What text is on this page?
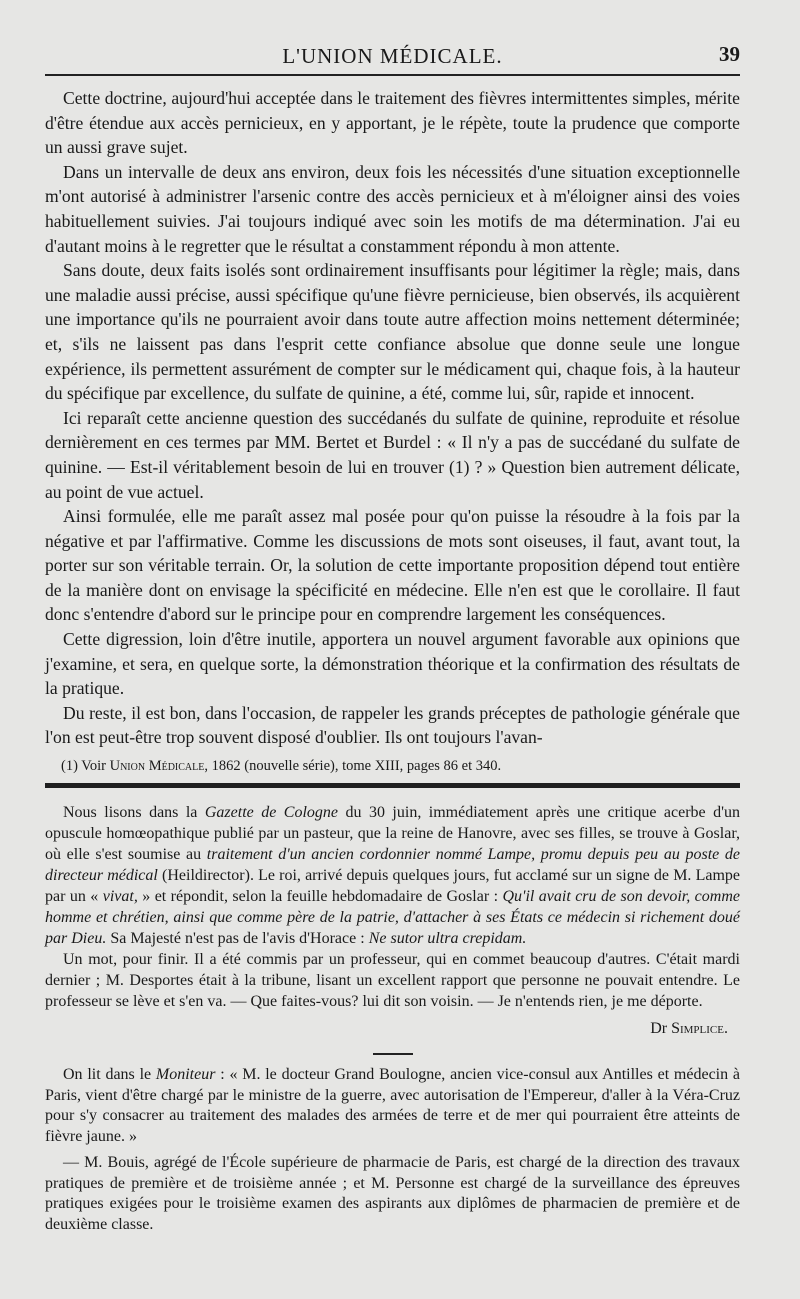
L'UNION MÉDICALE.	39

Cette doctrine, aujourd'hui acceptée dans le traitement des fièvres intermittentes simples, mérite d'être étendue aux accès pernicieux, en y apportant, je le répète, toute la prudence que comporte un aussi grave sujet.

Dans un intervalle de deux ans environ, deux fois les nécessités d'une situation exceptionnelle m'ont autorisé à administrer l'arsenic contre des accès pernicieux et à m'éloigner ainsi des voies habituellement suivies. J'ai toujours indiqué avec soin les motifs de ma détermination. J'ai eu d'autant moins à le regretter que le résultat a constamment répondu à mon attente.

Sans doute, deux faits isolés sont ordinairement insuffisants pour légitimer la règle; mais, dans une maladie aussi précise, aussi spécifique qu'une fièvre pernicieuse, bien observés, ils acquièrent une importance qu'ils ne pourraient avoir dans toute autre affection moins nettement déterminée; et, s'ils ne laissent pas dans l'esprit cette confiance absolue que donne seule une longue expérience, ils permettent assurément de compter sur le médicament qui, chaque fois, à la hauteur du spécifique par excellence, du sulfate de quinine, a été, comme lui, sûr, rapide et innocent.

Ici reparaît cette ancienne question des succédanés du sulfate de quinine, reproduite et résolue dernièrement en ces termes par MM. Bertet et Burdel : « Il n'y a pas de succédané du sulfate de quinine. — Est-il véritablement besoin de lui en trouver (1) ? » Question bien autrement délicate, au point de vue actuel.

Ainsi formulée, elle me paraît assez mal posée pour qu'on puisse la résoudre à la fois par la négative et par l'affirmative. Comme les discussions de mots sont oiseuses, il faut, avant tout, la porter sur son véritable terrain. Or, la solution de cette importante proposition dépend tout entière de la manière dont on envisage la spécificité en médecine. Elle n'en est que le corollaire. Il faut donc s'entendre d'abord sur le principe pour en comprendre largement les conséquences.

Cette digression, loin d'être inutile, apportera un nouvel argument favorable aux opinions que j'examine, et sera, en quelque sorte, la démonstration théorique et la confirmation des résultats de la pratique.

Du reste, il est bon, dans l'occasion, de rappeler les grands préceptes de pathologie générale que l'on est peut-être trop souvent disposé d'oublier. Ils ont toujours l'avan-

(1) Voir Union Médicale, 1862 (nouvelle série), tome XIII, pages 86 et 340.

Nous lisons dans la Gazette de Cologne du 30 juin, immédiatement après une critique acerbe d'un opuscule homœopathique publié par un pasteur, que la reine de Hanovre, avec ses filles, se trouve à Goslar, où elle s'est soumise au traitement d'un ancien cordonnier nommé Lampe, promu depuis peu au poste de directeur médical (Heildirector). Le roi, arrivé depuis quelques jours, fut acclamé sur un signe de M. Lampe par un « vivat, » et répondit, selon la feuille hebdomadaire de Goslar : Qu'il avait cru de son devoir, comme homme et chrétien, ainsi que comme père de la patrie, d'attacher à ses États ce médecin si richement doué par Dieu. Sa Majesté n'est pas de l'avis d'Horace : Ne sutor ultra crepidam.

Un mot, pour finir. Il a été commis par un professeur, qui en commet beaucoup d'autres. C'était mardi dernier ; M. Desportes était à la tribune, lisant un excellent rapport que personne ne pouvait entendre. Le professeur se lève et s'en va. — Que faites-vous? lui dit son voisin. — Je n'entends rien, je me déporte.

Dr Simplice.

On lit dans le Moniteur : « M. le docteur Grand Boulogne, ancien vice-consul aux Antilles et médecin à Paris, vient d'être chargé par le ministre de la guerre, avec autorisation de l'Empereur, d'aller à la Véra-Cruz pour s'y consacrer au traitement des malades des armées de terre et de mer qui pourraient être atteints de fièvre jaune. »

— M. Bouis, agrégé de l'École supérieure de pharmacie de Paris, est chargé de la direction des travaux pratiques de première et de troisième année ; et M. Personne est chargé de la surveillance des épreuves pratiques exigées pour le troisième examen des aspirants aux diplômes de pharmacien de première et de deuxième classe.
